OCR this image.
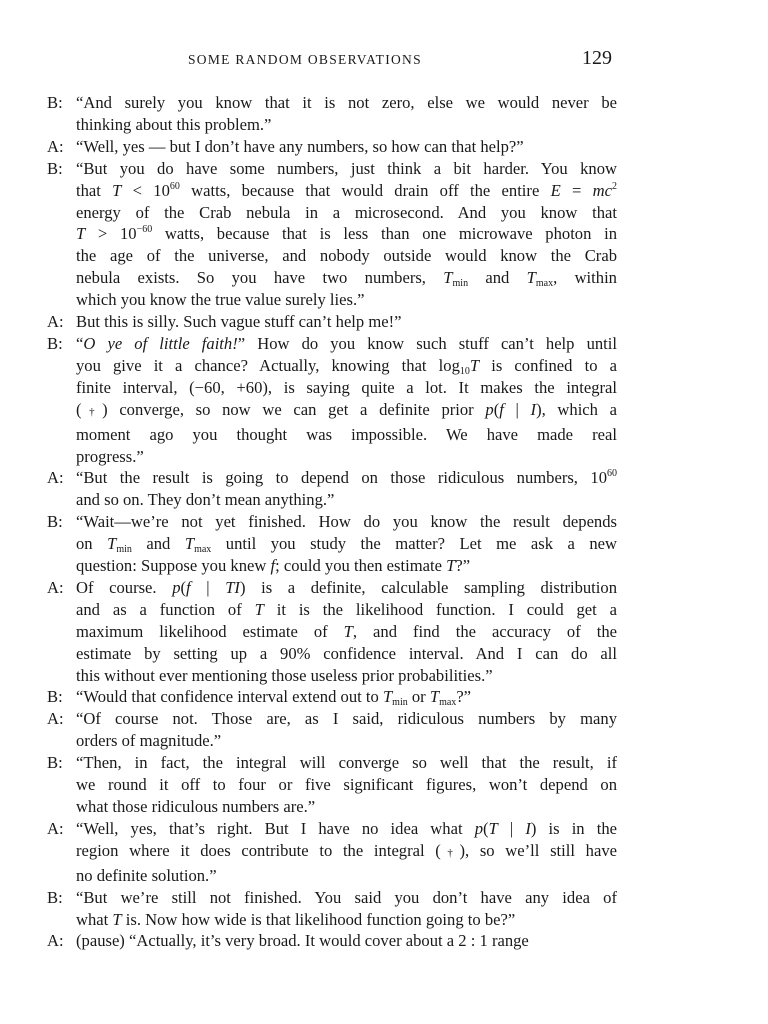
SOME RANDOM OBSERVATIONS	129
B: “And surely you know that it is not zero, else we would never be
thinking about this problem.”
A: “Well, yes — but I don’t have any numbers, so how can that help?”
B: “But you do have some numbers, just think a bit harder. You know
that $T < 10^{60}$ watts, because that would drain off the entire $E = mc^2$
energy of the Crab nebula in a microsecond. And you know that
$T > 10^{-60}$ watts, because that is less than one microwave photon in
the age of the universe, and nobody outside would know the Crab
nebula exists. So you have two numbers, $T_{min}$ and $T_{max}$, within
which you know the true value surely lies.”
A: But this is silly. Such vague stuff can’t help me!”
B: “O ye of little faith!” How do you know such stuff can’t help until
you give it a chance? Actually, knowing that $\log_{10}T$ is confined to a
finite interval, (−60, +60), is saying quite a lot. It makes the integral
(†) converge, so now we can get a definite prior p(f | I), which a
moment ago you thought was impossible. We have made real
progress.”
A: “But the result is going to depend on those ridiculous numbers, $10^{60}$
and so on. They don’t mean anything.”
B: “Wait—we’re not yet finished. How do you know the result depends
on $T_{min}$ and $T_{max}$ until you study the matter? Let me ask a new
question: Suppose you knew f; could you then estimate T?”
A: Of course. p(f | TI) is a definite, calculable sampling distribution
and as a function of T it is the likelihood function. I could get a
maximum likelihood estimate of T, and find the accuracy of the
estimate by setting up a 90% confidence interval. And I can do all
this without ever mentioning those useless prior probabilities.”
B: “Would that confidence interval extend out to $T_{min}$ or $T_{max}$?”
A: “Of course not. Those are, as I said, ridiculous numbers by many
orders of magnitude.”
B: “Then, in fact, the integral will converge so well that the result, if
we round it off to four or five significant figures, won’t depend on
what those ridiculous numbers are.”
A: “Well, yes, that’s right. But I have no idea what p(T | I) is in the
region where it does contribute to the integral (†), so we’ll still have
no definite solution.”
B: “But we’re still not finished. You said you don’t have any idea of
what T is. Now how wide is that likelihood function going to be?”
A: (pause) “Actually, it’s very broad. It would cover about a 2 : 1 range
